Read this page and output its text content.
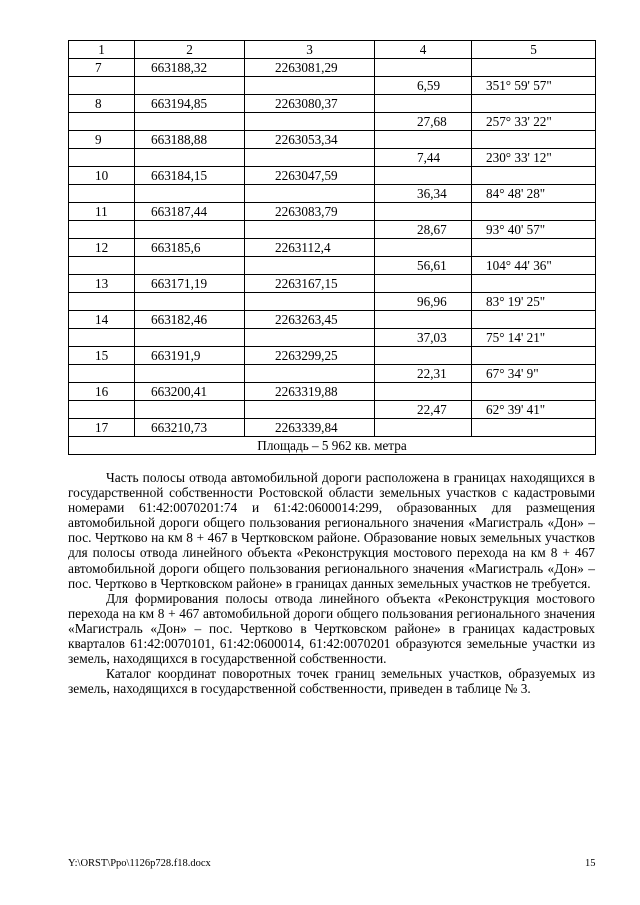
1	2	3	4	5
7	663188,32	2263081,29		
			6,59	351° 59' 57"
8	663194,85	2263080,37		
			27,68	257° 33' 22"
9	663188,88	2263053,34		
			7,44	230° 33' 12"
10	663184,15	2263047,59		
			36,34	84° 48' 28"
11	663187,44	2263083,79		
			28,67	93° 40' 57"
12	663185,6	2263112,4		
			56,61	104° 44' 36"
13	663171,19	2263167,15		
			96,96	83° 19' 25"
14	663182,46	2263263,45		
			37,03	75° 14' 21"
15	663191,9	2263299,25		
			22,31	67° 34' 9"
16	663200,41	2263319,88		
			22,47	62° 39' 41"
17	663210,73	2263339,84		
Площадь – 5 962 кв. метра				

Часть полосы отвода автомобильной дороги расположена в границах находящихся в государственной собственности Ростовской области земельных участков с кадастровыми номерами 61:42:0070201:74 и 61:42:0600014:299, образованных для размещения автомобильной дороги общего пользования регионального значения «Магистраль «Дон» – пос. Чертково на км 8 + 467 в Чертковском районе. Образование новых земельных участков для полосы отвода линейного объекта «Реконструкция мостового перехода на км 8 + 467 автомобильной дороги общего пользования регионального значения «Магистраль «Дон» – пос. Чертково в Чертковском районе» в границах данных земельных участков не требуется.

Для формирования полосы отвода линейного объекта «Реконструкция мостового перехода на км 8 + 467 автомобильной дороги общего пользования регионального значения «Магистраль «Дон» – пос. Чертково в Чертковском районе» в границах кадастровых кварталов 61:42:0070101, 61:42:0600014, 61:42:0070201 образуются земельные участки из земель, находящихся в государственной собственности.

Каталог координат поворотных точек границ земельных участков, образуемых из земель, находящихся в государственной собственности, приведен в таблице № 3.

Y:\ORST\Ppo\1126p728.f18.docx	15
